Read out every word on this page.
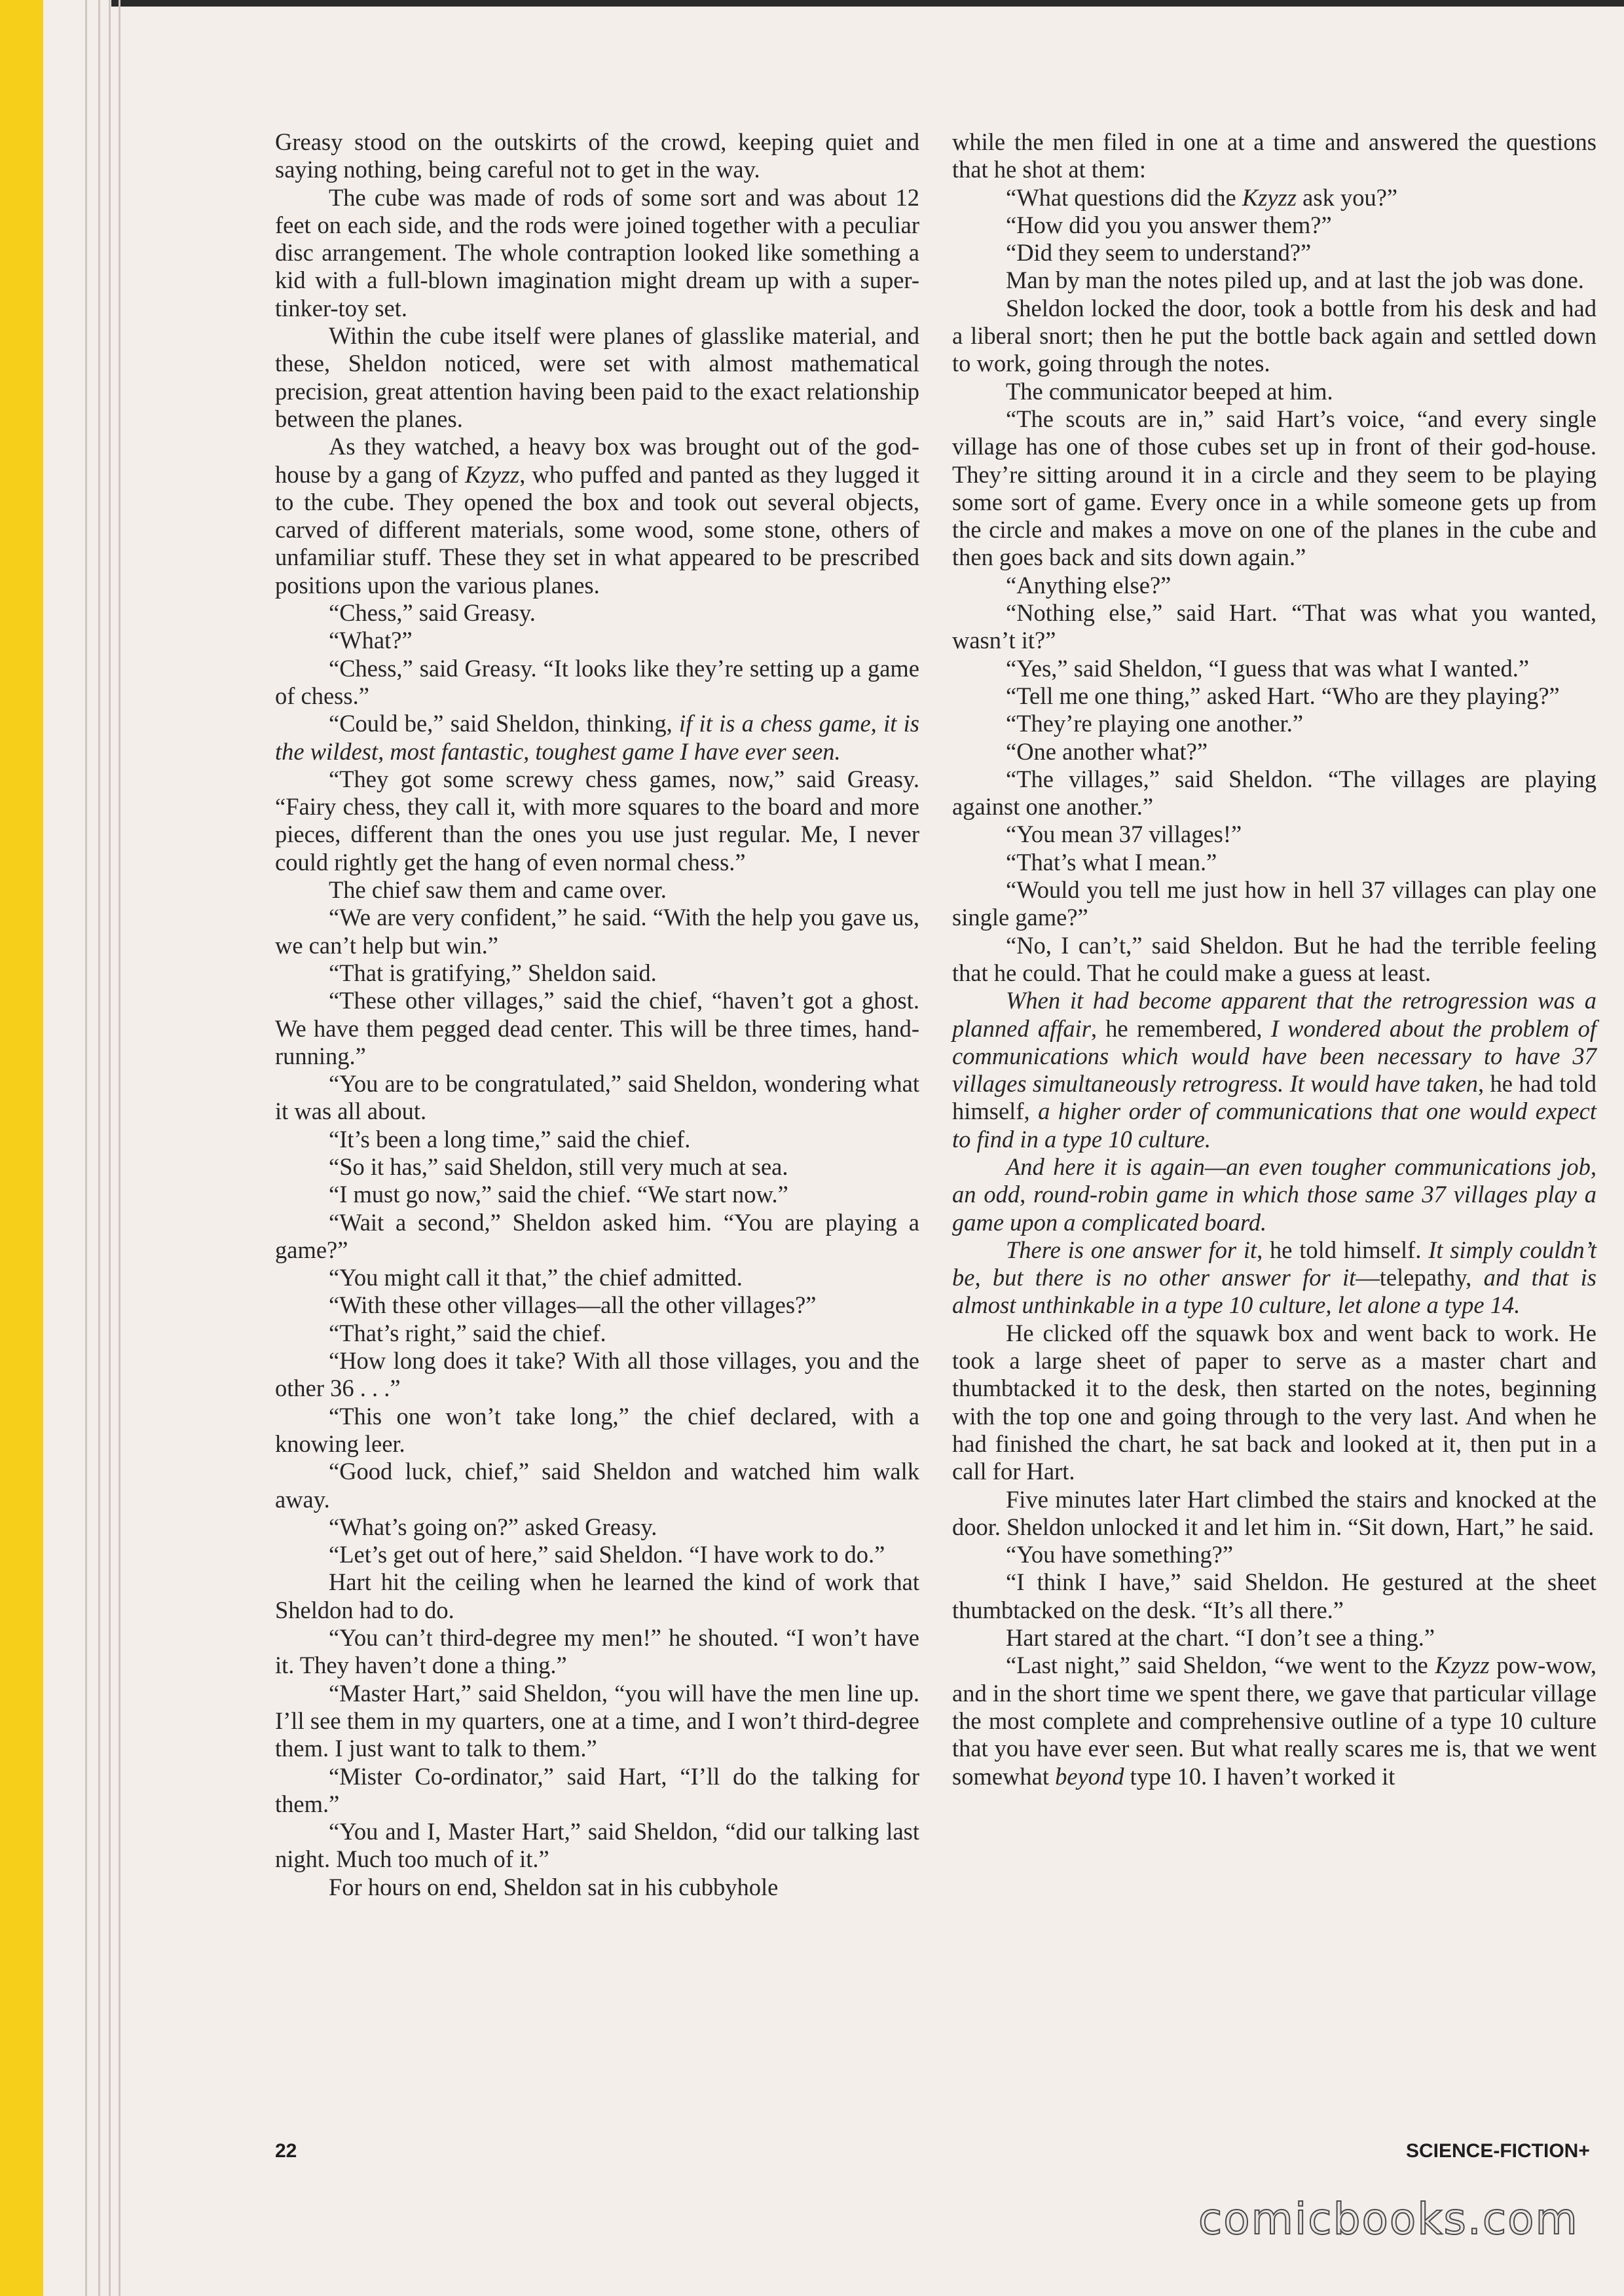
Greasy stood on the outskirts of the crowd, keeping quiet and saying nothing, being careful not to get in the way.

The cube was made of rods of some sort and was about 12 feet on each side, and the rods were joined together with a peculiar disc arrangement. The whole contraption looked like something a kid with a full-blown imagination might dream up with a super-tinker-toy set.

Within the cube itself were planes of glasslike material, and these, Sheldon noticed, were set with almost mathematical precision, great attention having been paid to the exact relationship between the planes.

As they watched, a heavy box was brought out of the god-house by a gang of Kzyzz, who puffed and panted as they lugged it to the cube. They opened the box and took out several objects, carved of different materials, some wood, some stone, others of unfamiliar stuff. These they set in what appeared to be prescribed positions upon the various planes.

“Chess,” said Greasy.

“What?”

“Chess,” said Greasy. “It looks like they’re setting up a game of chess.”

“Could be,” said Sheldon, thinking, if it is a chess game, it is the wildest, most fantastic, toughest game I have ever seen.

“They got some screwy chess games, now,” said Greasy. “Fairy chess, they call it, with more squares to the board and more pieces, different than the ones you use just regular. Me, I never could rightly get the hang of even normal chess.”

The chief saw them and came over.

“We are very confident,” he said. “With the help you gave us, we can’t help but win.”

“That is gratifying,” Sheldon said.

“These other villages,” said the chief, “haven’t got a ghost. We have them pegged dead center. This will be three times, hand-running.”

“You are to be congratulated,” said Sheldon, wondering what it was all about.

“It’s been a long time,” said the chief.

“So it has,” said Sheldon, still very much at sea.

“I must go now,” said the chief. “We start now.”

“Wait a second,” Sheldon asked him. “You are playing a game?”

“You might call it that,” the chief admitted.

“With these other villages—all the other villages?”

“That’s right,” said the chief.

“How long does it take? With all those villages, you and the other 36 . . .”

“This one won’t take long,” the chief declared, with a knowing leer.

“Good luck, chief,” said Sheldon and watched him walk away.

“What’s going on?” asked Greasy.

“Let’s get out of here,” said Sheldon. “I have work to do.”

Hart hit the ceiling when he learned the kind of work that Sheldon had to do.

“You can’t third-degree my men!” he shouted. “I won’t have it. They haven’t done a thing.”

“Master Hart,” said Sheldon, “you will have the men line up. I’ll see them in my quarters, one at a time, and I won’t third-degree them. I just want to talk to them.”

“Mister Co-ordinator,” said Hart, “I’ll do the talking for them.”

“You and I, Master Hart,” said Sheldon, “did our talking last night. Much too much of it.”

For hours on end, Sheldon sat in his cubbyhole

while the men filed in one at a time and answered the questions that he shot at them:

“What questions did the Kzyzz ask you?”

“How did you you answer them?”

“Did they seem to understand?”

Man by man the notes piled up, and at last the job was done.

Sheldon locked the door, took a bottle from his desk and had a liberal snort; then he put the bottle back again and settled down to work, going through the notes.

The communicator beeped at him.

“The scouts are in,” said Hart’s voice, “and every single village has one of those cubes set up in front of their god-house. They’re sitting around it in a circle and they seem to be playing some sort of game. Every once in a while someone gets up from the circle and makes a move on one of the planes in the cube and then goes back and sits down again.”

“Anything else?”

“Nothing else,” said Hart. “That was what you wanted, wasn’t it?”

“Yes,” said Sheldon, “I guess that was what I wanted.”

“Tell me one thing,” asked Hart. “Who are they playing?”

“They’re playing one another.”

“One another what?”

“The villages,” said Sheldon. “The villages are playing against one another.”

“You mean 37 villages!”

“That’s what I mean.”

“Would you tell me just how in hell 37 villages can play one single game?”

“No, I can’t,” said Sheldon. But he had the terrible feeling that he could. That he could make a guess at least.

When it had become apparent that the retrogression was a planned affair, he remembered, I wondered about the problem of communications which would have been necessary to have 37 villages simultaneously retrogress. It would have taken, he had told himself, a higher order of communications that one would expect to find in a type 10 culture.

And here it is again—an even tougher communications job, an odd, round-robin game in which those same 37 villages play a game upon a complicated board.

There is one answer for it, he told himself. It simply couldn’t be, but there is no other answer for it—telepathy, and that is almost unthinkable in a type 10 culture, let alone a type 14.

He clicked off the squawk box and went back to work. He took a large sheet of paper to serve as a master chart and thumbtacked it to the desk, then started on the notes, beginning with the top one and going through to the very last. And when he had finished the chart, he sat back and looked at it, then put in a call for Hart.

Five minutes later Hart climbed the stairs and knocked at the door. Sheldon unlocked it and let him in. “Sit down, Hart,” he said.

“You have something?”

“I think I have,” said Sheldon. He gestured at the sheet thumbtacked on the desk. “It’s all there.”

Hart stared at the chart. “I don’t see a thing.”

“Last night,” said Sheldon, “we went to the Kzyzz pow-wow, and in the short time we spent there, we gave that particular village the most complete and comprehensive outline of a type 10 culture that you have ever seen. But what really scares me is, that we went somewhat beyond type 10. I haven’t worked it

22	SCIENCE-FICTION+
comicbooks.com
